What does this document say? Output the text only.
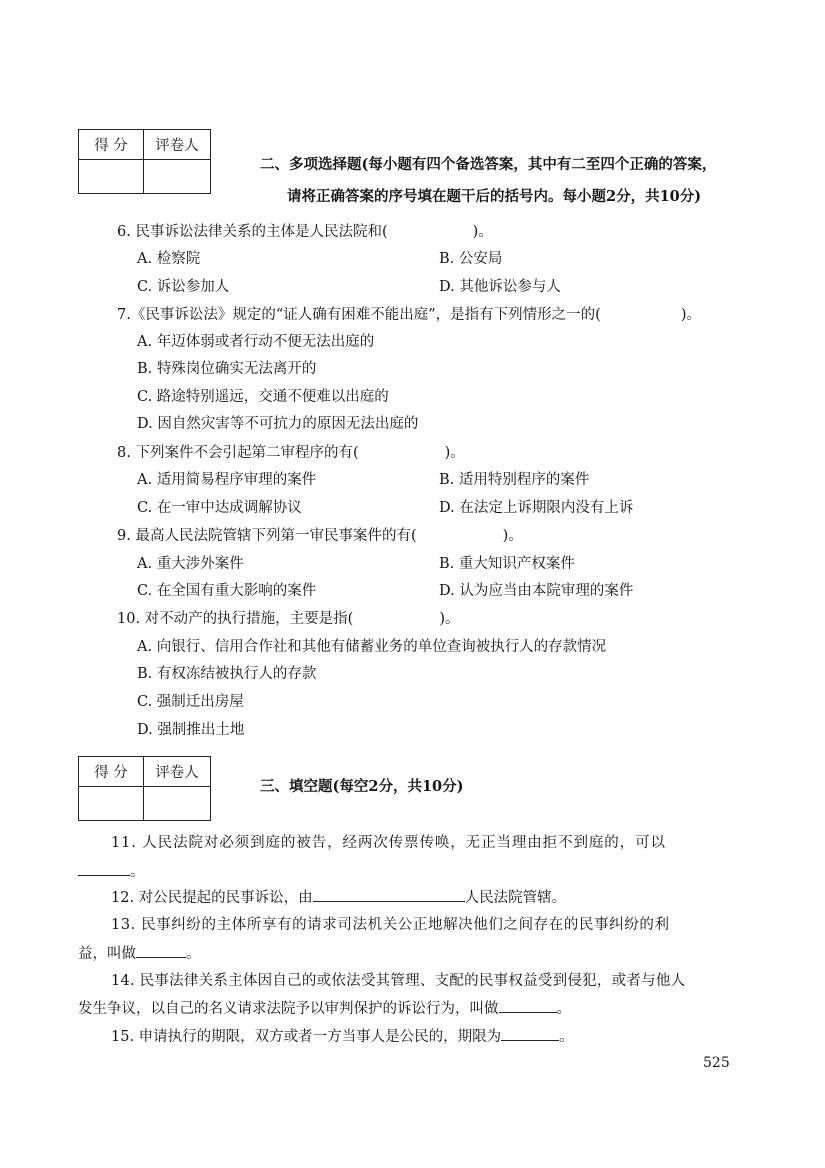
得 分	评卷人

二、多项选择题(每小题有四个备选答案，其中有二至四个正确的答案，
请将正确答案的序号填在题干后的括号内。每小题2分，共10分)
6. 民事诉讼法律关系的主体是人民法院和(	)。
A. 检察院	B. 公安局
C. 诉讼参加人	D. 其他诉讼参与人
7.《民事诉讼法》规定的“证人确有困难不能出庭”，是指有下列情形之一的(	)。
A. 年迈体弱或者行动不便无法出庭的
B. 特殊岗位确实无法离开的
C. 路途特别遥远，交通不便难以出庭的
D. 因自然灾害等不可抗力的原因无法出庭的
8. 下列案件不会引起第二审程序的有(	)。
A. 适用简易程序审理的案件	B. 适用特别程序的案件
C. 在一审中达成调解协议	D. 在法定上诉期限内没有上诉
9. 最高人民法院管辖下列第一审民事案件的有(	)。
A. 重大涉外案件	B. 重大知识产权案件
C. 在全国有重大影响的案件	D. 认为应当由本院审理的案件
10. 对不动产的执行措施，主要是指(	)。
A. 向银行、信用合作社和其他有储蓄业务的单位查询被执行人的存款情况
B. 有权冻结被执行人的存款
C. 强制迁出房屋
D. 强制推出土地
得 分	评卷人

三、填空题(每空2分，共10分)
11. 人民法院对必须到庭的被告，经两次传票传唤，无正当理由拒不到庭的，可以
。
12. 对公民提起的民事诉讼，由	人民法院管辖。
13. 民事纠纷的主体所享有的请求司法机关公正地解决他们之间存在的民事纠纷的利
益，叫做	。
14. 民事法律关系主体因自己的或依法受其管理、支配的民事权益受到侵犯，或者与他人
发生争议，以自己的名义请求法院予以审判保护的诉讼行为，叫做	。
15. 申请执行的期限，双方或者一方当事人是公民的，期限为	。
525
